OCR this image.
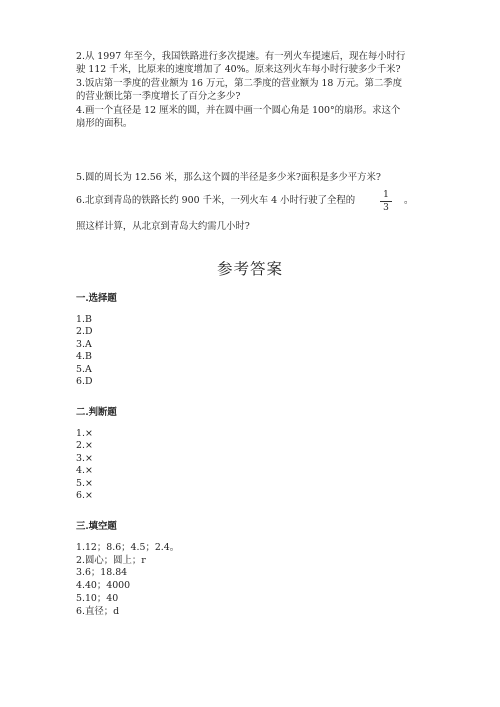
2.从 1997 年至今，我国铁路进行多次提速。有一列火车提速后，现在每小时行
驶 112 千米，比原来的速度增加了 40%。原来这列火车每小时行驶多少千米?
3.饭店第一季度的营业额为 16 万元，第二季度的营业额为 18 万元。第二季度
的营业额比第一季度增长了百分之多少?
4.画一个直径是 12 厘米的圆，并在圆中画一个圆心角是 100°的扇形。求这个
扇形的面积。
5.圆的周长为 12.56 米，那么这个圆的半径是多少米?面积是多少平方米?
6.北京到青岛的铁路长约 900 千米，一列火车 4 小时行驶了全程的	1
3
。
照这样计算，从北京到青岛大约需几小时?
参考答案
一.选择题
1.B
2.D
3.A
4.B
5.A
6.D
二.判断题
1.×
2.×
3.×
4.×
5.×
6.×
三.填空题
1.12；8.6；4.5；2.4。
2.圆心；圆上；r
3.6；18.84
4.40；4000
5.10；40
6.直径；d
